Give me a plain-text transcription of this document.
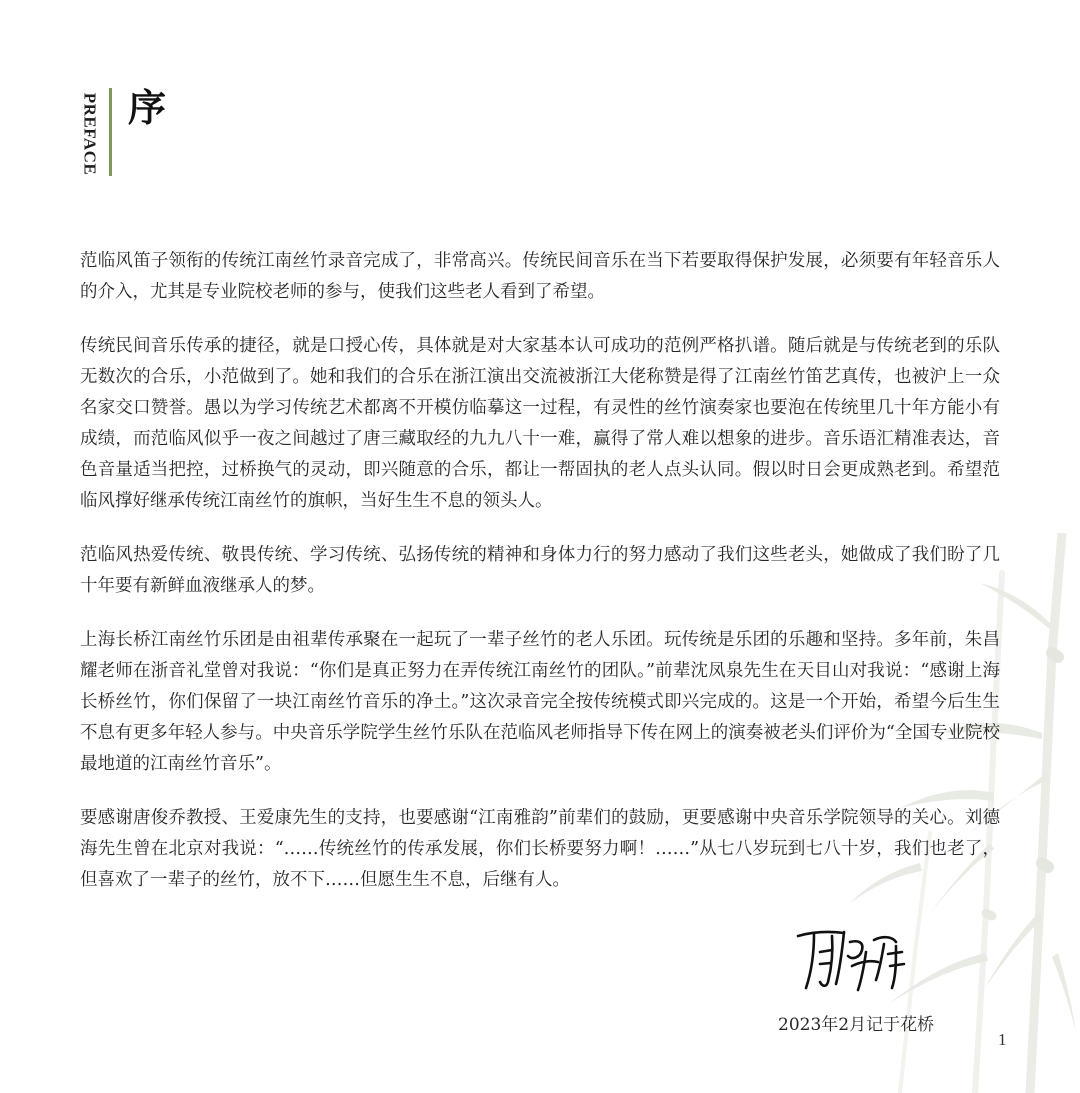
PREFACE 序

范临风笛子领衔的传统江南丝竹录音完成了，非常高兴。传统民间音乐在当下若要取得保护发展，必须要有年轻音乐人的介入，尤其是专业院校老师的参与，使我们这些老人看到了希望。

传统民间音乐传承的捷径，就是口授心传，具体就是对大家基本认可成功的范例严格扒谱。随后就是与传统老到的乐队无数次的合乐，小范做到了。她和我们的合乐在浙江演出交流被浙江大佬称赞是得了江南丝竹笛艺真传，也被沪上一众名家交口赞誉。愚以为学习传统艺术都离不开模仿临摹这一过程，有灵性的丝竹演奏家也要泡在传统里几十年方能小有成绩，而范临风似乎一夜之间越过了唐三藏取经的九九八十一难，赢得了常人难以想象的进步。音乐语汇精准表达，音色音量适当把控，过桥换气的灵动，即兴随意的合乐，都让一帮固执的老人点头认同。假以时日会更成熟老到。希望范临风撑好继承传统江南丝竹的旗帜，当好生生不息的领头人。

范临风热爱传统、敬畏传统、学习传统、弘扬传统的精神和身体力行的努力感动了我们这些老头，她做成了我们盼了几十年要有新鲜血液继承人的梦。

上海长桥江南丝竹乐团是由祖辈传承聚在一起玩了一辈子丝竹的老人乐团。玩传统是乐团的乐趣和坚持。多年前，朱昌耀老师在浙音礼堂曾对我说：“你们是真正努力在弄传统江南丝竹的团队。”前辈沈凤泉先生在天目山对我说：“感谢上海长桥丝竹，你们保留了一块江南丝竹音乐的净土。”这次录音完全按传统模式即兴完成的。这是一个开始，希望今后生生不息有更多年轻人参与。中央音乐学院学生丝竹乐队在范临风老师指导下传在网上的演奏被老头们评价为“全国专业院校最地道的江南丝竹音乐”。

要感谢唐俊乔教授、王爱康先生的支持，也要感谢“江南雅韵”前辈们的鼓励，更要感谢中央音乐学院领导的关心。刘德海先生曾在北京对我说：“……传统丝竹的传承发展，你们长桥要努力啊！……”从七八岁玩到七八十岁，我们也老了，但喜欢了一辈子的丝竹，放不下……但愿生生不息，后继有人。

2023年2月记于花桥
1
